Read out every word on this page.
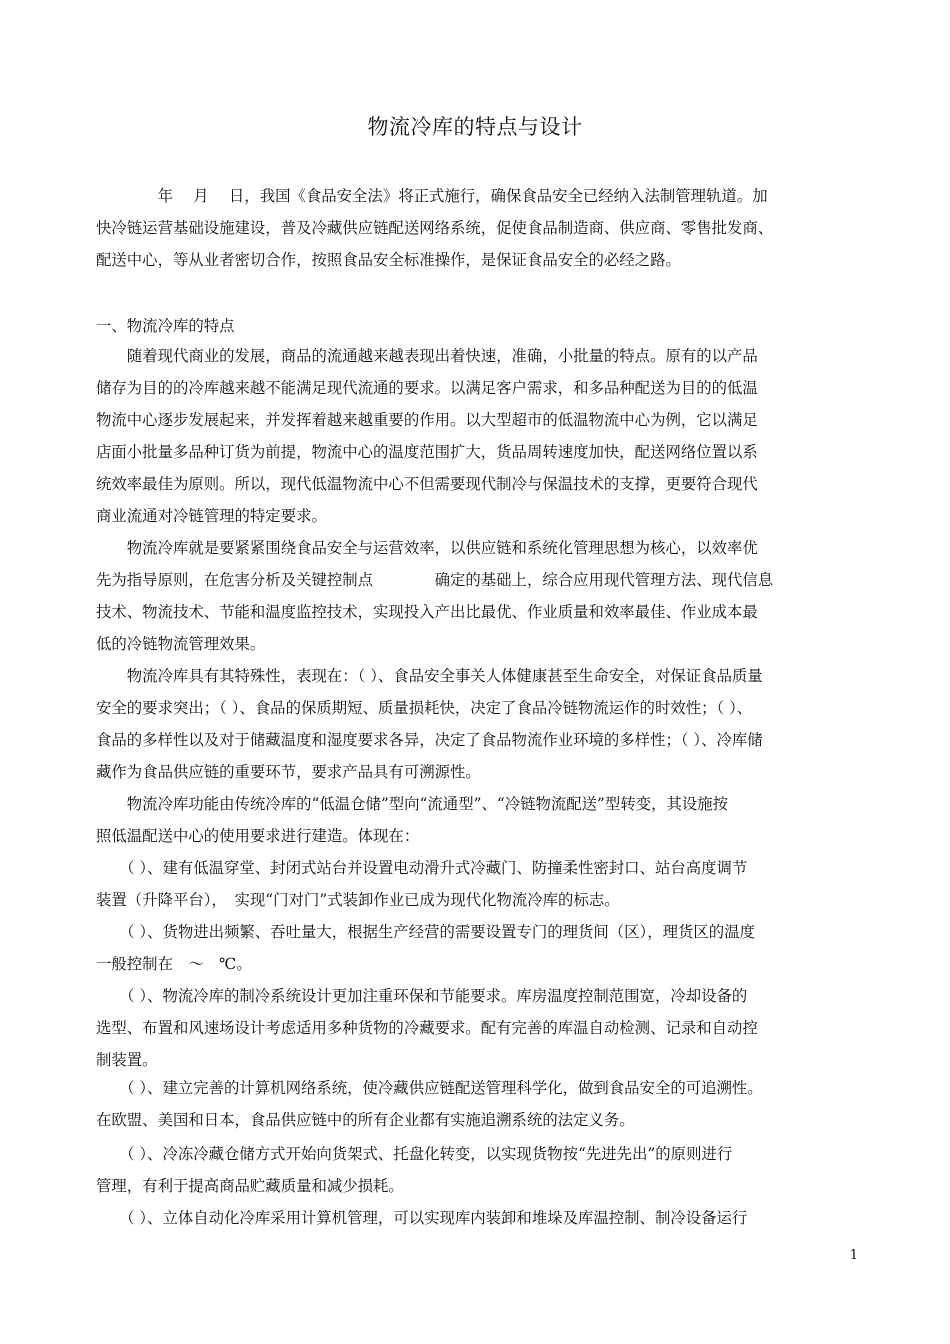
物流冷库的特点与设计
　　　　年　 月　 日，我国《食品安全法》将正式施行，确保食品安全已经纳入法制管理轨道。加
快冷链运营基础设施建设，普及冷藏供应链配送网络系统，促使食品制造商、供应商、零售批发商、
配送中心，等从业者密切合作，按照食品安全标准操作，是保证食品安全的必经之路。
一、物流冷库的特点
　　随着现代商业的发展，商品的流通越来越表现出着快速，准确，小批量的特点。原有的以产品
储存为目的的冷库越来越不能满足现代流通的要求。以满足客户需求，和多品种配送为目的的低温
物流中心逐步发展起来，并发挥着越来越重要的作用。以大型超市的低温物流中心为例，它以满足
店面小批量多品种订货为前提，物流中心的温度范围扩大，货品周转速度加快，配送网络位置以系
统效率最佳为原则。所以，现代低温物流中心不但需要现代制冷与保温技术的支撑，更要符合现代
商业流通对冷链管理的特定要求。
　　物流冷库就是要紧紧围绕食品安全与运营效率，以供应链和系统化管理思想为核心，以效率优
先为指导原则，在危害分析及关键控制点　　　　确定的基础上，综合应用现代管理方法、现代信息
技术、物流技术、节能和温度监控技术，实现投入产出比最优、作业质量和效率最佳、作业成本最
低的冷链物流管理效果。
　　物流冷库具有其特殊性，表现在：（ ）、食品安全事关人体健康甚至生命安全，对保证食品质量
安全的要求突出；（ ）、食品的保质期短、质量损耗快，决定了食品冷链物流运作的时效性；（ ）、
食品的多样性以及对于储藏温度和湿度要求各异，决定了食品物流作业环境的多样性；（ ）、冷库储
藏作为食品供应链的重要环节，要求产品具有可溯源性。
　　物流冷库功能由传统冷库的“低温仓储”型向“流通型”、“冷链物流配送”型转变，其设施按
照低温配送中心的使用要求进行建造。体现在：
　　（ ）、建有低温穿堂、封闭式站台并设置电动滑升式冷藏门、防撞柔性密封口、站台高度调节
装置（升降平台），　实现“门对门”式装卸作业已成为现代化物流冷库的标志。
　　（ ）、货物进出频繁、吞吐量大，根据生产经营的需要设置专门的理货间（区），理货区的温度
一般控制在　～　℃。
　　（ ）、物流冷库的制冷系统设计更加注重环保和节能要求。库房温度控制范围宽，冷却设备的
选型、布置和风速场设计考虑适用多种货物的冷藏要求。配有完善的库温自动检测、记录和自动控
制装置。
　　（ ）、建立完善的计算机网络系统，使冷藏供应链配送管理科学化，做到食品安全的可追溯性。
在欧盟、美国和日本，食品供应链中的所有企业都有实施追溯系统的法定义务。
　　（ ）、冷冻冷藏仓储方式开始向货架式、托盘化转变，以实现货物按“先进先出”的原则进行
管理，有利于提高商品贮藏质量和减少损耗。
　　（ ）、立体自动化冷库采用计算机管理，可以实现库内装卸和堆垛及库温控制、制冷设备运行
1
